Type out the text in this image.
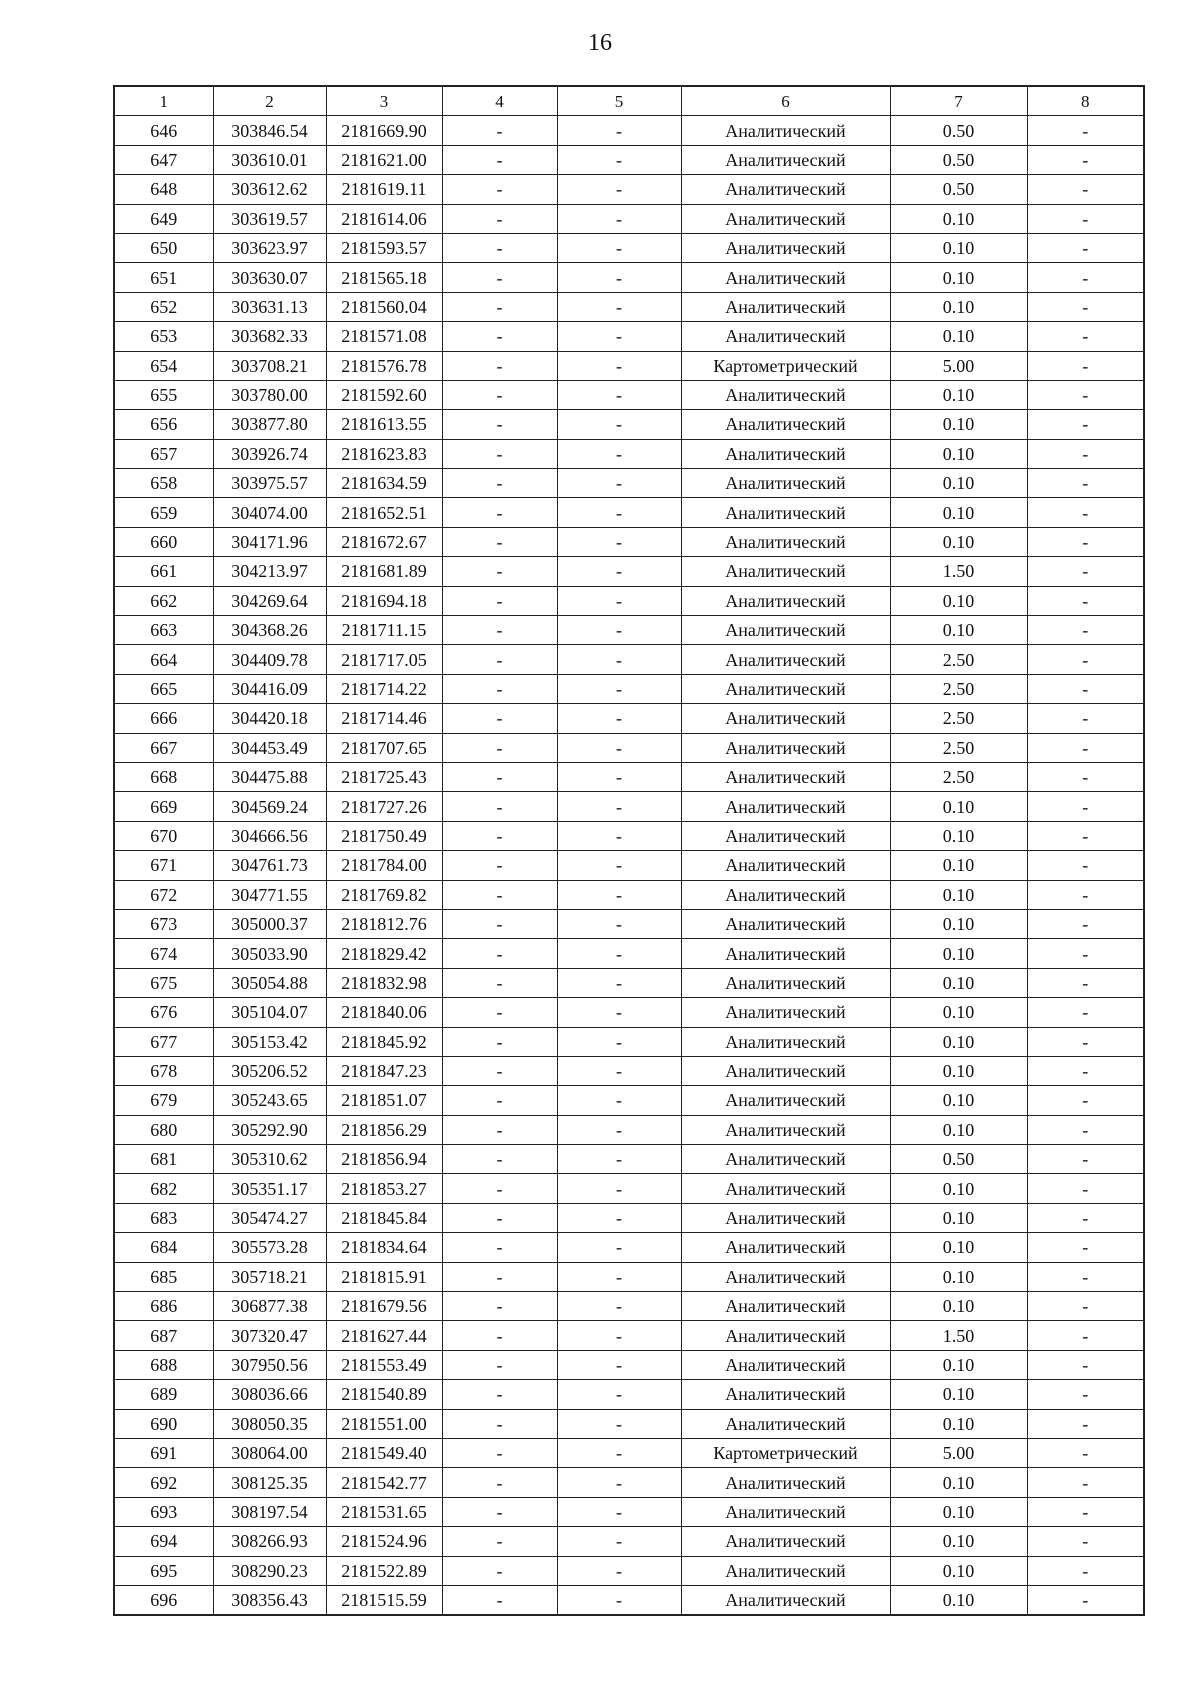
16
1	2	3	4	5	6	7	8
646	303846.54	2181669.90	-	-	Аналитический	0.50	-
647	303610.01	2181621.00	-	-	Аналитический	0.50	-
648	303612.62	2181619.11	-	-	Аналитический	0.50	-
649	303619.57	2181614.06	-	-	Аналитический	0.10	-
650	303623.97	2181593.57	-	-	Аналитический	0.10	-
651	303630.07	2181565.18	-	-	Аналитический	0.10	-
652	303631.13	2181560.04	-	-	Аналитический	0.10	-
653	303682.33	2181571.08	-	-	Аналитический	0.10	-
654	303708.21	2181576.78	-	-	Картометрический	5.00	-
655	303780.00	2181592.60	-	-	Аналитический	0.10	-
656	303877.80	2181613.55	-	-	Аналитический	0.10	-
657	303926.74	2181623.83	-	-	Аналитический	0.10	-
658	303975.57	2181634.59	-	-	Аналитический	0.10	-
659	304074.00	2181652.51	-	-	Аналитический	0.10	-
660	304171.96	2181672.67	-	-	Аналитический	0.10	-
661	304213.97	2181681.89	-	-	Аналитический	1.50	-
662	304269.64	2181694.18	-	-	Аналитический	0.10	-
663	304368.26	2181711.15	-	-	Аналитический	0.10	-
664	304409.78	2181717.05	-	-	Аналитический	2.50	-
665	304416.09	2181714.22	-	-	Аналитический	2.50	-
666	304420.18	2181714.46	-	-	Аналитический	2.50	-
667	304453.49	2181707.65	-	-	Аналитический	2.50	-
668	304475.88	2181725.43	-	-	Аналитический	2.50	-
669	304569.24	2181727.26	-	-	Аналитический	0.10	-
670	304666.56	2181750.49	-	-	Аналитический	0.10	-
671	304761.73	2181784.00	-	-	Аналитический	0.10	-
672	304771.55	2181769.82	-	-	Аналитический	0.10	-
673	305000.37	2181812.76	-	-	Аналитический	0.10	-
674	305033.90	2181829.42	-	-	Аналитический	0.10	-
675	305054.88	2181832.98	-	-	Аналитический	0.10	-
676	305104.07	2181840.06	-	-	Аналитический	0.10	-
677	305153.42	2181845.92	-	-	Аналитический	0.10	-
678	305206.52	2181847.23	-	-	Аналитический	0.10	-
679	305243.65	2181851.07	-	-	Аналитический	0.10	-
680	305292.90	2181856.29	-	-	Аналитический	0.10	-
681	305310.62	2181856.94	-	-	Аналитический	0.50	-
682	305351.17	2181853.27	-	-	Аналитический	0.10	-
683	305474.27	2181845.84	-	-	Аналитический	0.10	-
684	305573.28	2181834.64	-	-	Аналитический	0.10	-
685	305718.21	2181815.91	-	-	Аналитический	0.10	-
686	306877.38	2181679.56	-	-	Аналитический	0.10	-
687	307320.47	2181627.44	-	-	Аналитический	1.50	-
688	307950.56	2181553.49	-	-	Аналитический	0.10	-
689	308036.66	2181540.89	-	-	Аналитический	0.10	-
690	308050.35	2181551.00	-	-	Аналитический	0.10	-
691	308064.00	2181549.40	-	-	Картометрический	5.00	-
692	308125.35	2181542.77	-	-	Аналитический	0.10	-
693	308197.54	2181531.65	-	-	Аналитический	0.10	-
694	308266.93	2181524.96	-	-	Аналитический	0.10	-
695	308290.23	2181522.89	-	-	Аналитический	0.10	-
696	308356.43	2181515.59	-	-	Аналитический	0.10	-
